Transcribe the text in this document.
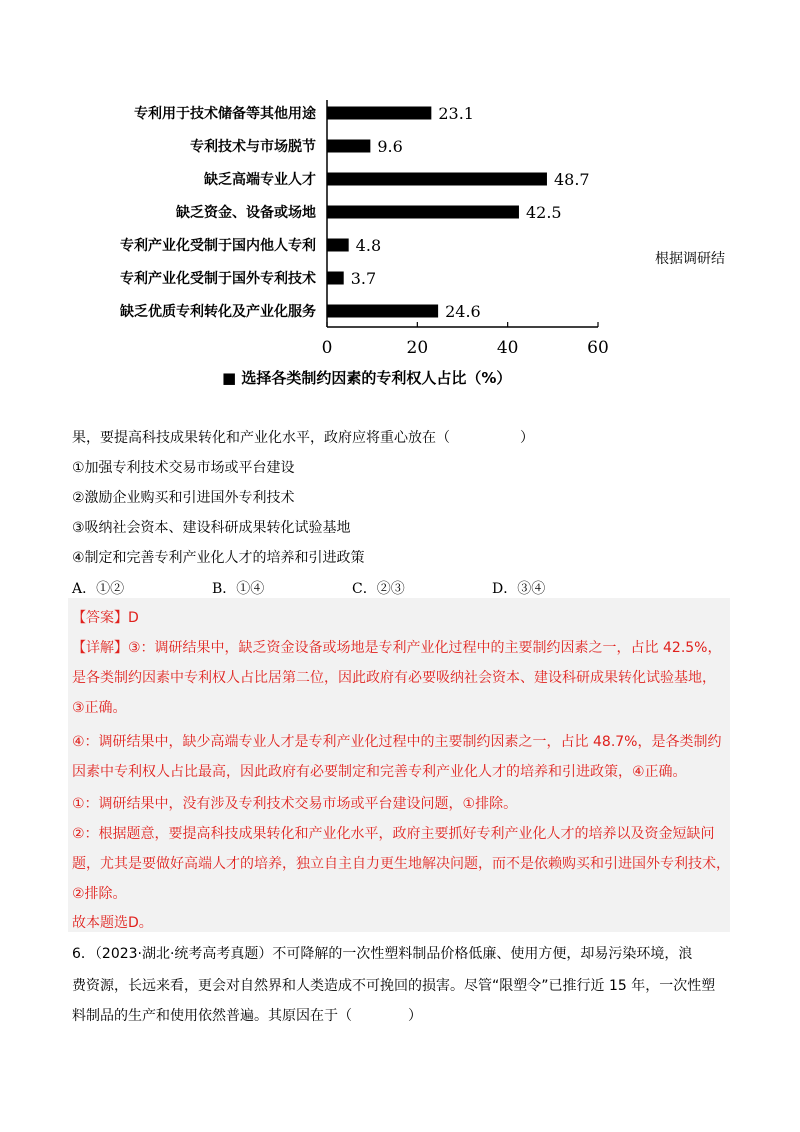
专利用于技术储备等其他用途
专利技术与市场脱节
缺乏高端专业人才
缺乏资金、设备或场地
专利产业化受制于国内他人专利
专利产业化受制于国外专利技术
缺乏优质专利转化及产业化服务
23.1
9.6
48.7
42.5
4.8
3.7
24.6
0	20	40	60
■ 选择各类制约因素的专利权人占比（%）
根据调研结
果，要提高科技成果转化和产业化水平，政府应将重心放在（　　　　　）
①加强专利技术交易市场或平台建设
②激励企业购买和引进国外专利技术
③吸纳社会资本、建设科研成果转化试验基地
④制定和完善专利产业化人才的培养和引进政策
A．①②	B．①④	C．②③	D．③④
【答案】D
【详解】③：调研结果中，缺乏资金设备或场地是专利产业化过程中的主要制约因素之一，占比 42.5%，
是各类制约因素中专利权人占比居第二位，因此政府有必要吸纳社会资本、建设科研成果转化试验基地，
③正确。
④：调研结果中，缺少高端专业人才是专利产业化过程中的主要制约因素之一，占比 48.7%，是各类制约
因素中专利权人占比最高，因此政府有必要制定和完善专利产业化人才的培养和引进政策，④正确。
①：调研结果中，没有涉及专利技术交易市场或平台建设问题，①排除。
②：根据题意，要提高科技成果转化和产业化水平，政府主要抓好专利产业化人才的培养以及资金短缺问
题，尤其是要做好高端人才的培养，独立自主自力更生地解决问题，而不是依赖购买和引进国外专利技术，
②排除。
故本题选D。
6．（2023·湖北·统考高考真题）不可降解的一次性塑料制品价格低廉、使用方便，却易污染环境，浪
费资源，长远来看，更会对自然界和人类造成不可挽回的损害。尽管“限塑令”已推行近 15 年，一次性塑
料制品的生产和使用依然普遍。其原因在于（　　　　）
